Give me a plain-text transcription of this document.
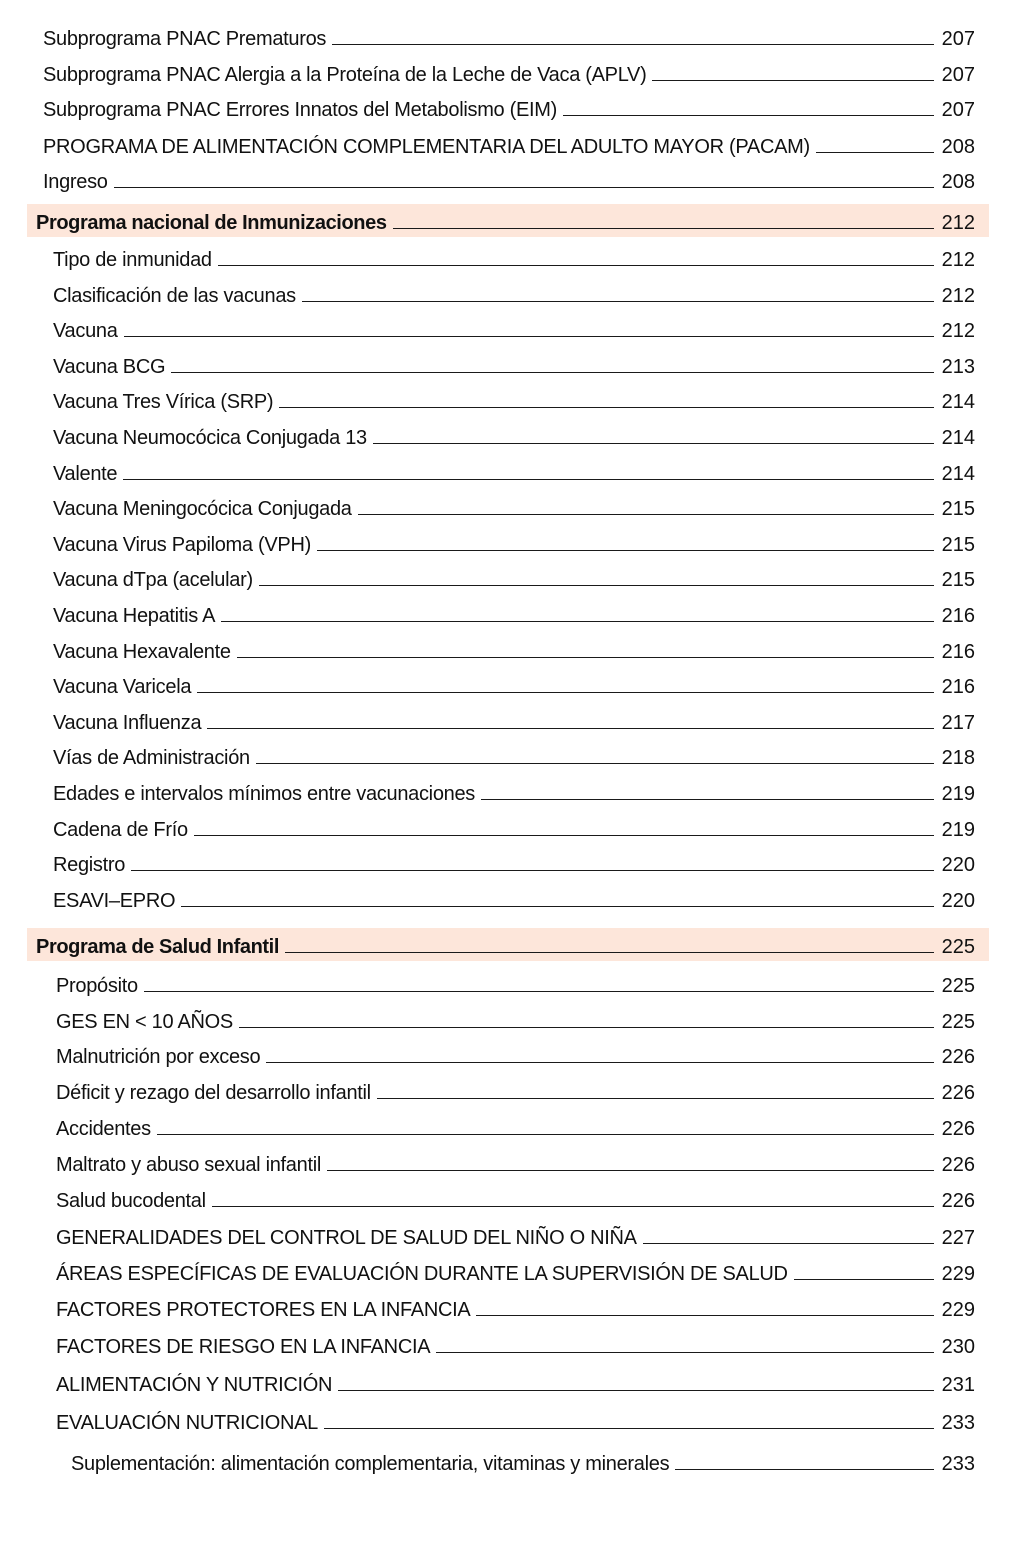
Subprograma PNAC Prematuros	207
Subprograma PNAC Alergia a la Proteína de la Leche de Vaca (APLV)	207
Subprograma PNAC Errores Innatos del Metabolismo (EIM)	207
PROGRAMA DE ALIMENTACIÓN COMPLEMENTARIA DEL ADULTO MAYOR (PACAM)	208
Ingreso	208
Programa nacional de Inmunizaciones	212
Tipo de inmunidad	212
Clasificación de las vacunas	212
Vacuna	212
Vacuna BCG	213
Vacuna Tres Vírica (SRP)	214
Vacuna Neumocócica Conjugada 13	214
Valente	214
Vacuna Meningocócica Conjugada	215
Vacuna Virus Papiloma (VPH)	215
Vacuna dTpa (acelular)	215
Vacuna Hepatitis A	216
Vacuna Hexavalente	216
Vacuna Varicela	216
Vacuna Influenza	217
Vías de Administración	218
Edades e intervalos mínimos entre vacunaciones	219
Cadena de Frío	219
Registro	220
ESAVI–EPRO	220
Programa de Salud Infantil	225
Propósito	225
GES EN < 10 AÑOS	225
Malnutrición por exceso	226
Déficit y rezago del desarrollo infantil	226
Accidentes	226
Maltrato y abuso sexual infantil	226
Salud bucodental	226
GENERALIDADES DEL CONTROL DE SALUD DEL NIÑO O NIÑA	227
ÁREAS ESPECÍFICAS DE EVALUACIÓN DURANTE LA SUPERVISIÓN DE SALUD	229
FACTORES PROTECTORES EN LA INFANCIA	229
FACTORES DE RIESGO EN LA INFANCIA	230
ALIMENTACIÓN Y NUTRICIÓN	231
EVALUACIÓN NUTRICIONAL	233
Suplementación: alimentación complementaria, vitaminas y minerales	233
